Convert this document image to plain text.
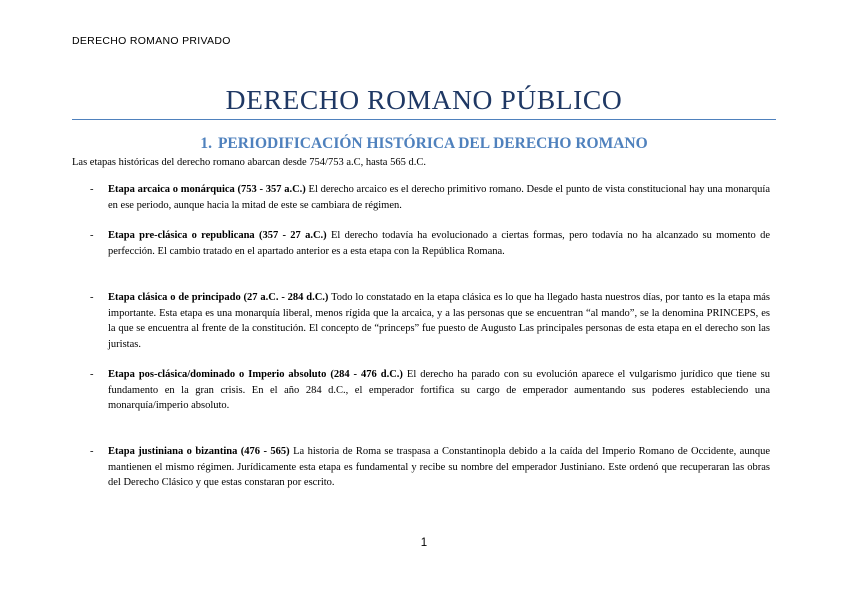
DERECHO ROMANO PRIVADO
DERECHO ROMANO PÚBLICO
1. PERIODIFICACIÓN HISTÓRICA DEL DERECHO ROMANO
Las etapas históricas del derecho romano abarcan desde 754/753 a.C, hasta 565 d.C.
- Etapa arcaica o monárquica (753 - 357 a.C.) El derecho arcaico es el derecho primitivo romano. Desde el punto de vista constitucional hay una monarquía en ese periodo, aunque hacia la mitad de este se cambiara de régimen.
- Etapa pre-clásica o republicana (357 - 27 a.C.) El derecho todavía ha evolucionado a ciertas formas, pero todavía no ha alcanzado su momento de perfección. El cambio tratado en el apartado anterior es a esta etapa con la República Romana.
- Etapa clásica o de principado (27 a.C. - 284 d.C.) Todo lo constatado en la etapa clásica es lo que ha llegado hasta nuestros días, por tanto es la etapa más importante. Esta etapa es una monarquía liberal, menos rígida que la arcaica, y a las personas que se encuentran “al mando”, se la denomina PRINCEPS, es la que se encuentra al frente de la constitución. El concepto de “princeps” fue puesto de Augusto Las principales personas de esta etapa en el derecho son las juristas.
- Etapa pos-clásica/dominado o Imperio absoluto (284 - 476 d.C.) El derecho ha parado con su evolución aparece el vulgarismo jurídico que tiene su fundamento en la gran crisis. En el año 284 d.C., el emperador fortifica su cargo de emperador aumentando sus poderes estableciendo una monarquía/imperio absoluto.
- Etapa justiniana o bizantina (476 - 565) La historia de Roma se traspasa a Constantinopla debido a la caída del Imperio Romano de Occidente, aunque mantienen el mismo régimen. Jurídicamente esta etapa es fundamental y recibe su nombre del emperador Justiniano. Este ordenó que recuperaran las obras del Derecho Clásico y que estas constaran por escrito.
1
